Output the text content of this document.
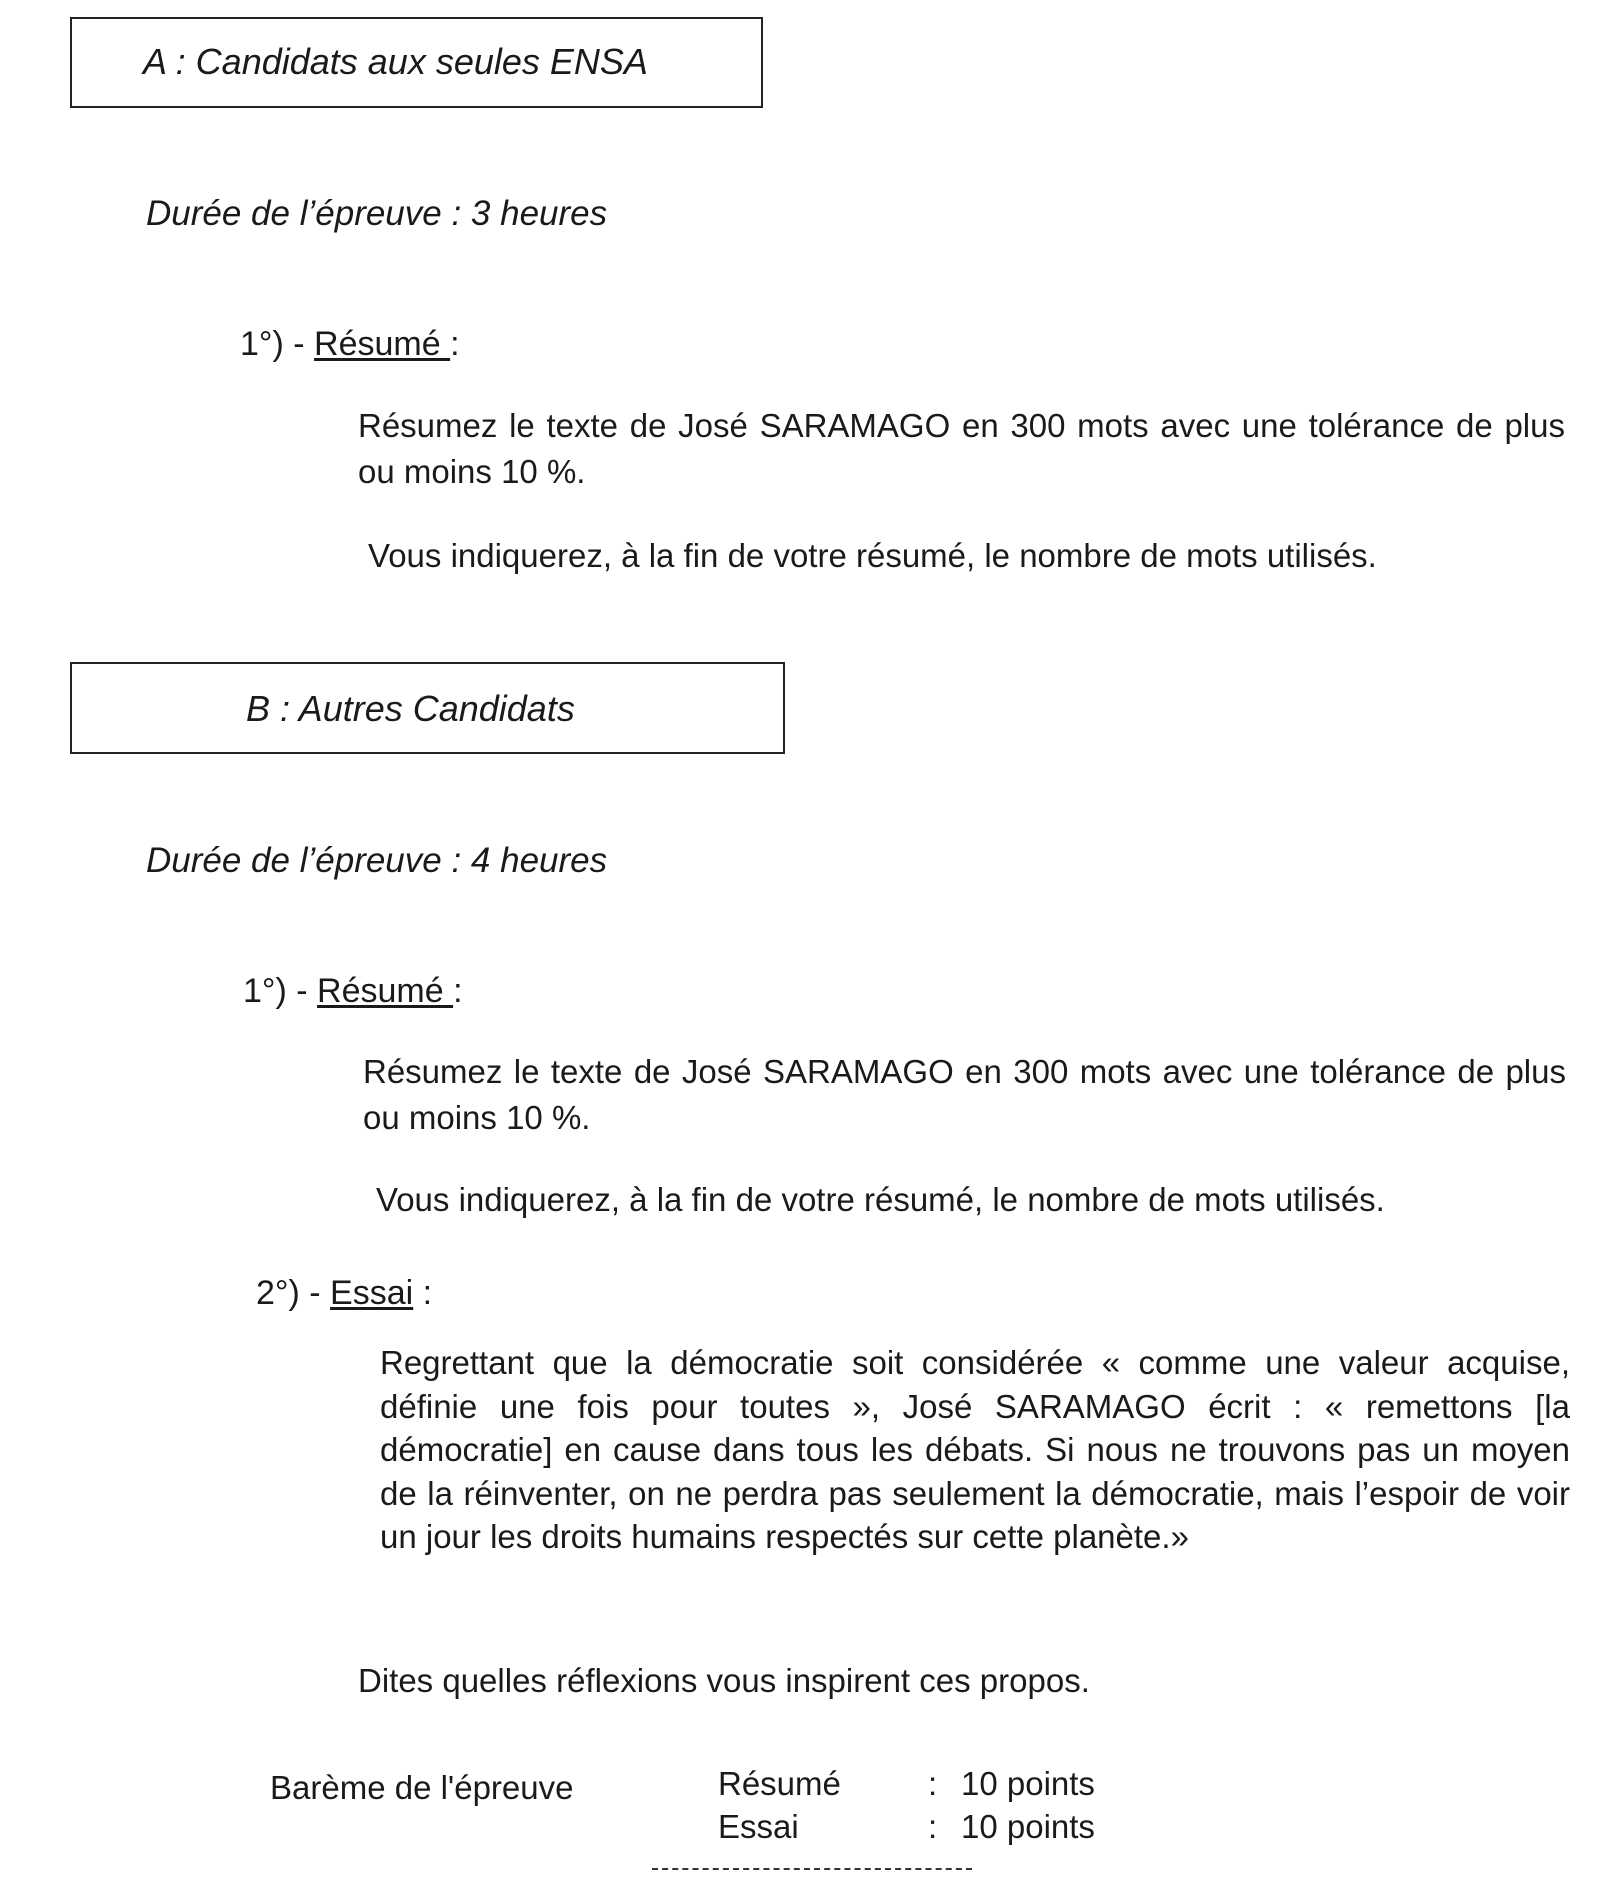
A : Candidats aux seules ENSA
Durée de l’épreuve : 3 heures
1°) - Résumé :
Résumez le texte de José SARAMAGO en 300 mots avec une tolérance de plus ou moins 10 %.
Vous indiquerez, à la fin de votre résumé, le nombre de mots utilisés.
B : Autres Candidats
Durée de l’épreuve : 4 heures
1°) - Résumé :
Résumez le texte de José SARAMAGO en 300 mots avec une tolérance de plus ou moins 10 %.
Vous indiquerez, à la fin de votre résumé, le nombre de mots utilisés.
2°) - Essai :
Regrettant que la démocratie soit considérée « comme une valeur acquise, définie une fois pour toutes », José SARAMAGO écrit : « remettons [la démocratie] en cause dans tous les débats. Si nous ne trouvons pas un moyen de la réinventer, on ne perdra pas seulement la démocratie, mais l’espoir de voir un jour les droits humains respectés sur cette planète.»
Dites quelles réflexions vous inspirent ces propos.
Barème de l'épreuve	Résumé	: 10 points
Essai	: 10 points
